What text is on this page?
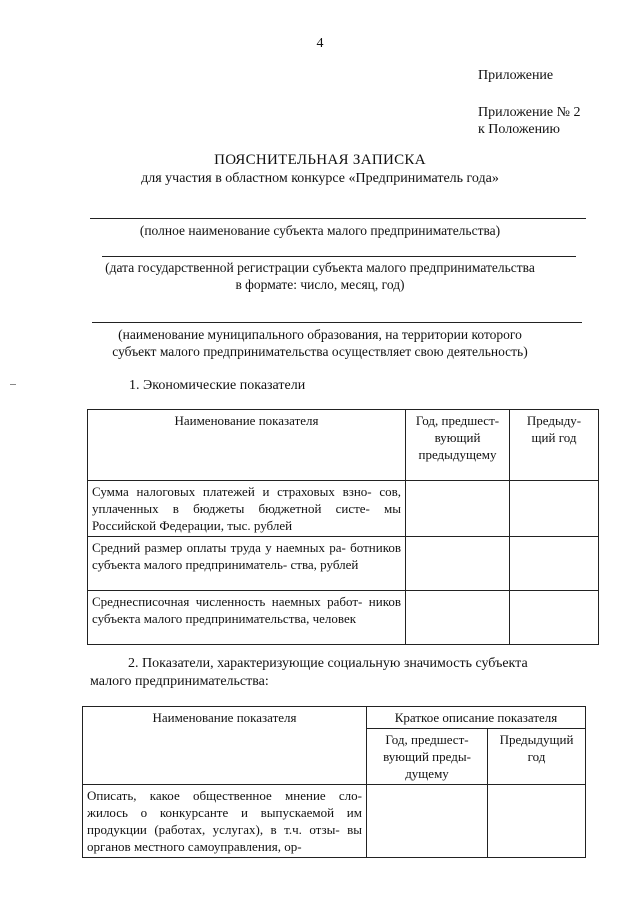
4
Приложение
Приложение № 2
к Положению
ПОЯСНИТЕЛЬНАЯ ЗАПИСКА
для участия в областном конкурсе «Предприниматель года»
(полное наименование субъекта малого предпринимательства)
(дата государственной регистрации субъекта малого предпринимательства
в формате: число, месяц, год)
(наименование муниципального образования, на территории которого
субъект малого предпринимательства осуществляет свою деятельность)
1. Экономические показатели
Наименование показателя	Год, предшест- вующий предыдущему	Предыду- щий год
Сумма налоговых платежей и страховых взно- сов, уплаченных в бюджеты бюджетной систе- мы Российской Федерации, тыс. рублей		
Средний размер оплаты труда у наемных ра- ботников субъекта малого предприниматель- ства, рублей		
Среднесписочная численность наемных работ- ников субъекта малого предпринимательства, человек		
2. Показатели, характеризующие социальную значимость субъекта
малого предпринимательства:
Наименование показателя	Краткое описание показателя	
	Год, предшест- вующий преды- дущему	Предыдущий год
Описать, какое общественное мнение сло- жилось о конкурсанте и выпускаемой им продукции (работах, услугах), в т.ч. отзы- вы органов местного самоуправления, ор-		
